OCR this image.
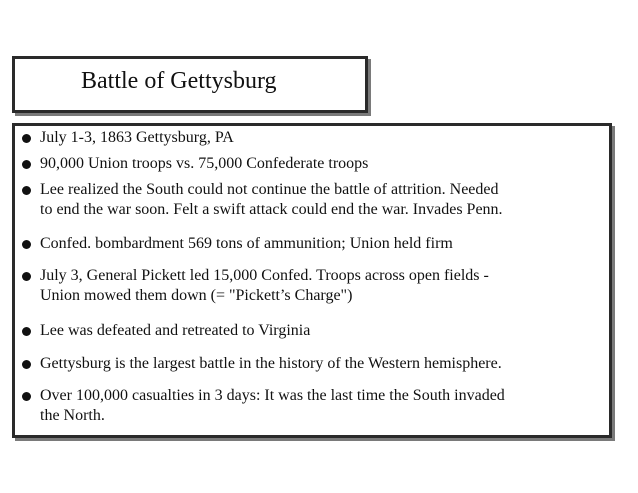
Battle of Gettysburg
July 1-3, 1863 Gettysburg, PA
90,000 Union troops vs. 75,000 Confederate troops
Lee realized the South could not continue the battle of attrition. Needed
to end the war soon. Felt a swift attack could end the war. Invades Penn.
Confed. bombardment 569 tons of ammunition; Union held firm
July 3, General Pickett led 15,000 Confed. Troops across open fields -
Union mowed them down (= "Pickett’s Charge")
Lee was defeated and retreated to Virginia
Gettysburg is the largest battle in the history of the Western hemisphere.
Over 100,000 casualties in 3 days: It was the last time the South invaded
the North.
